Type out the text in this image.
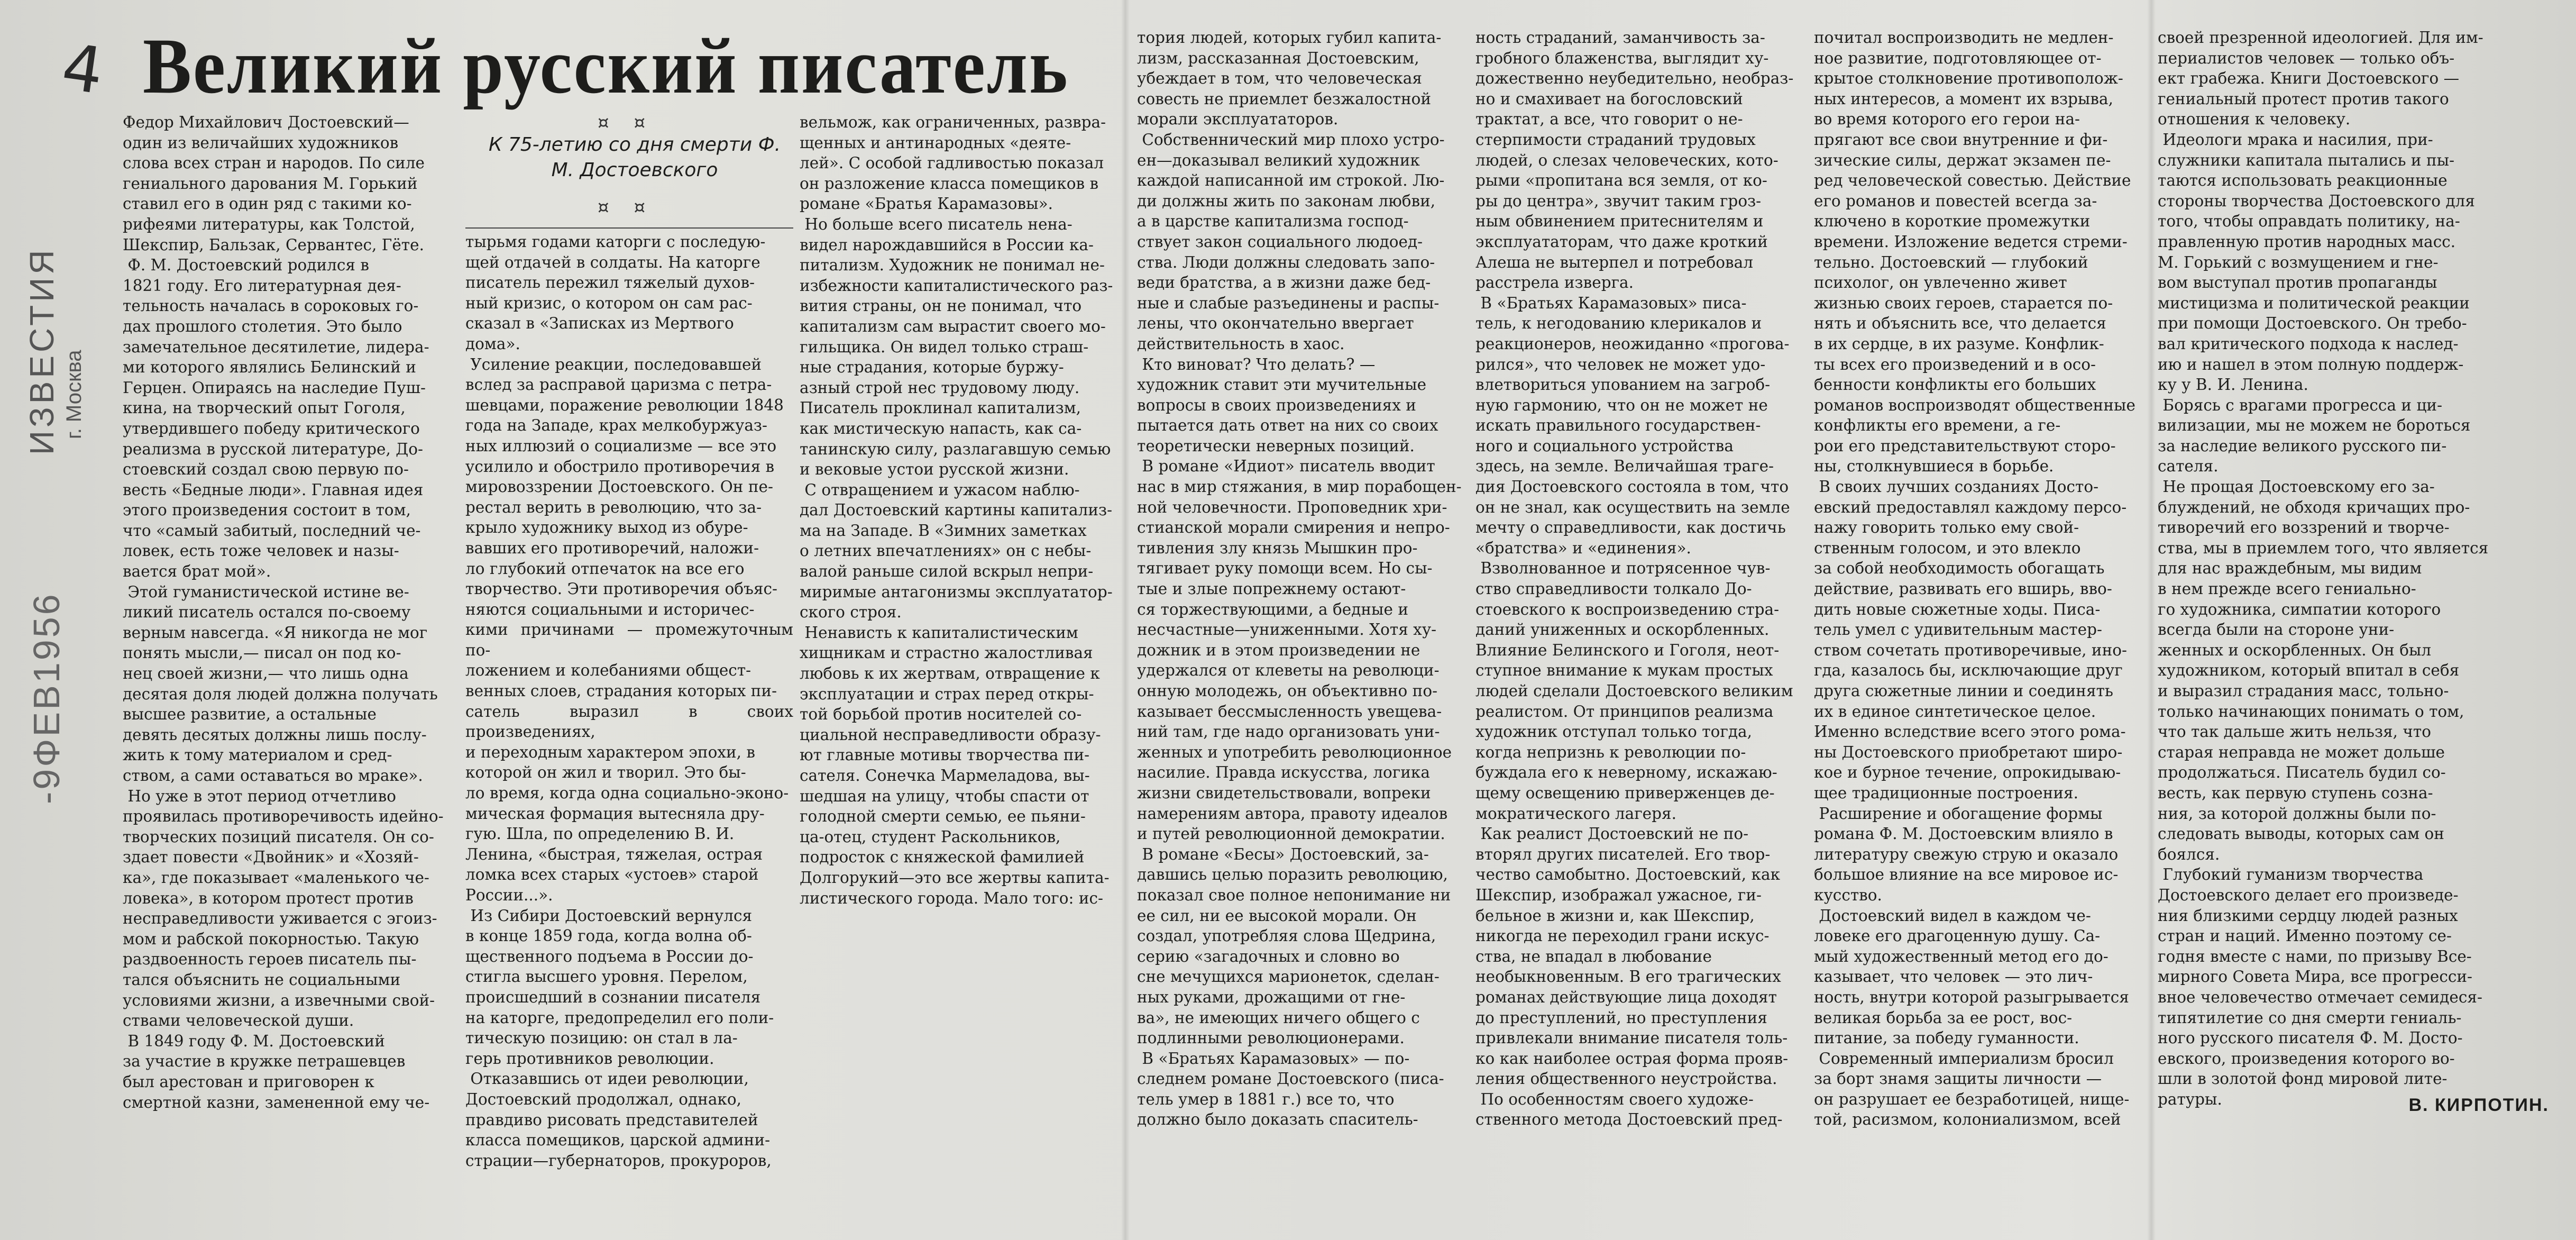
4
ИЗВЕСТИЯ г. Москва
-9ФЕВ1956
Великий русский писатель
¤ ¤
К 75-летию со дня смерти Ф. М. Достоевского
¤ ¤

Федор Михайлович Достоевский—
один из величайших художников
слова всех стран и народов. По силе
гениального дарования М. Горький
ставил его в один ряд с такими ко-
рифеями литературы, как Толстой,
Шекспир, Бальзак, Сервантес, Гёте.
Ф. М. Достоевский родился в
1821 году. Его литературная дея-
тельность началась в сороковых го-
дах прошлого столетия. Это было
замечательное десятилетие, лидера-
ми которого являлись Белинский и
Герцен. Опираясь на наследие Пуш-
кина, на творческий опыт Гоголя,
утвердившего победу критического
реализма в русской литературе, До-
стоевский создал свою первую по-
весть «Бедные люди». Главная идея
этого произведения состоит в том,
что «самый забитый, последний че-
ловек, есть тоже человек и назы-
вается брат мой».
Этой гуманистической истине ве-
ликий писатель остался по-своему
верным навсегда. «Я никогда не мог
понять мысли,— писал он под ко-
нец своей жизни,— что лишь одна
десятая доля людей должна получать
высшее развитие, а остальные
девять десятых должны лишь послу-
жить к тому материалом и сред-
ством, а сами оставаться во мраке».
Но уже в этот период отчетливо
проявилась противоречивость идейно-
творческих позиций писателя. Он со-
здает повести «Двойник» и «Хозяй-
ка», где показывает «маленького че-
ловека», в котором протест против
несправедливости уживается с эгоиз-
мом и рабской покорностью. Такую
раздвоенность героев писатель пы-
тался объяснить не социальными
условиями жизни, а извечными свой-
ствами человеческой души.
В 1849 году Ф. М. Достоевский
за участие в кружке петрашевцев
был арестован и приговорен к
смертной казни, замененной ему че-

тырьмя годами каторги с последую-
щей отдачей в солдаты. На каторге
писатель пережил тяжелый духов-
ный кризис, о котором он сам рас-
сказал в «Записках из Мертвого
дома».
Усиление реакции, последовавшей
вслед за расправой царизма с петра-
шевцами, поражение революции 1848
года на Западе, крах мелкобуржуаз-
ных иллюзий о социализме — все это
усилило и обострило противоречия в
мировоззрении Достоевского. Он пе-
рестал верить в революцию, что за-
крыло художнику выход из обуре-
вавших его противоречий, наложи-
ло глубокий отпечаток на все его
творчество. Эти противоречия объяс-
няются социальными и историчес-
кими причинами — промежуточным по-
ложением и колебаниями общест-
венных слоев, страдания которых пи-
сатель выразил в своих произведениях,
и переходным характером эпохи, в
которой он жил и творил. Это бы-
ло время, когда одна социально-эконо-
мическая формация вытесняла дру-
гую. Шла, по определению В. И.
Ленина, «быстрая, тяжелая, острая
ломка всех старых «устоев» старой
России...».
Из Сибири Достоевский вернулся
в конце 1859 года, когда волна об-
щественного подъема в России до-
стигла высшего уровня. Перелом,
происшедший в сознании писателя
на каторге, предопределил его поли-
тическую позицию: он стал в ла-
герь противников революции.
Отказавшись от идеи революции,
Достоевский продолжал, однако,
правдиво рисовать представителей
класса помещиков, царской админи-
страции—губернаторов, прокуроров,

вельмож, как ограниченных, развра-
щенных и антинародных «деяте-
лей». С особой гадливостью показал
он разложение класса помещиков в
романе «Братья Карамазовы».
Но больше всего писатель нена-
видел нарождавшийся в России ка-
питализм. Художник не понимал не-
избежности капиталистического раз-
вития страны, он не понимал, что
капитализм сам вырастит своего мо-
гильщика. Он видел только страш-
ные страдания, которые буржу-
азный строй нес трудовому люду.
Писатель проклинал капитализм,
как мистическую напасть, как са-
танинскую силу, разлагавшую семью
и вековые устои русской жизни.
С отвращением и ужасом наблю-
дал Достоевский картины капитализ-
ма на Западе. В «Зимних заметках
о летних впечатлениях» он с небы-
валой раньше силой вскрыл непри-
миримые антагонизмы эксплуататор-
ского строя.
Ненависть к капиталистическим
хищникам и страстно жалостливая
любовь к их жертвам, отвращение к
эксплуатации и страх перед откры-
той борьбой против носителей со-
циальной несправедливости образу-
ют главные мотивы творчества пи-
сателя. Сонечка Мармеладова, вы-
шедшая на улицу, чтобы спасти от
голодной смерти семью, ее пьяни-
ца-отец, студент Раскольников,
подросток с княжеской фамилией
Долгорукий—это все жертвы капита-
листического города. Мало того: ис-

тория людей, которых губил капита-
лизм, рассказанная Достоевским,
убеждает в том, что человеческая
совесть не приемлет безжалостной
морали эксплуататоров.
Собственнический мир плохо устро-
ен—доказывал великий художник
каждой написанной им строкой. Лю-
ди должны жить по законам любви,
а в царстве капитализма господ-
ствует закон социального людоед-
ства. Люди должны следовать запо-
веди братства, а в жизни даже бед-
ные и слабые разъединены и распы-
лены, что окончательно ввергает
действительность в хаос.
Кто виноват? Что делать? —
художник ставит эти мучительные
вопросы в своих произведениях и
пытается дать ответ на них со своих
теоретически неверных позиций.
В романе «Идиот» писатель вводит
нас в мир стяжания, в мир порабощен-
ной человечности. Проповедник хри-
стианской морали смирения и непро-
тивления злу князь Мышкин про-
тягивает руку помощи всем. Но сы-
тые и злые попрежнему остают-
ся торжествующими, а бедные и
несчастные—униженными. Хотя ху-
дожник и в этом произведении не
удержался от клеветы на революци-
онную молодежь, он объективно по-
казывает бессмысленность увещева-
ний там, где надо организовать уни-
женных и употребить революционное
насилие. Правда искусства, логика
жизни свидетельствовали, вопреки
намерениям автора, правоту идеалов
и путей революционной демократии.
В романе «Бесы» Достоевский, за-
давшись целью поразить революцию,
показал свое полное непонимание ни
ее сил, ни ее высокой морали. Он
создал, употребляя слова Щедрина,
серию «загадочных и словно во
сне мечущихся марионеток, сделан-
ных руками, дрожащими от гне-
ва», не имеющих ничего общего с
подлинными революционерами.
В «Братьях Карамазовых» — по-
следнем романе Достоевского (писа-
тель умер в 1881 г.) все то, что
должно было доказать спаситель-

ность страданий, заманчивость за-
гробного блаженства, выглядит ху-
дожественно неубедительно, необраз-
но и смахивает на богословский
трактат, а все, что говорит о не-
стерпимости страданий трудовых
людей, о слезах человеческих, кото-
рыми «пропитана вся земля, от ко-
ры до центра», звучит таким гроз-
ным обвинением притеснителям и
эксплуататорам, что даже кроткий
Алеша не вытерпел и потребовал
расстрела изверга.
В «Братьях Карамазовых» писа-
тель, к негодованию клерикалов и
реакционеров, неожиданно «проговa-
рился», что человек не может удо-
влетвориться упованием на загроб-
ную гармонию, что он не может не
искать правильного государствен-
ного и социального устройства
здесь, на земле. Величайшая траге-
дия Достоевского состояла в том, что
он не знал, как осуществить на земле
мечту о справедливости, как достичь
«братства» и «единения».
Взволнованное и потрясенное чув-
ство справедливости толкало До-
стоевского к воспроизведению стра-
даний униженных и оскорбленных.
Влияние Белинского и Гоголя, неот-
ступное внимание к мукам простых
людей сделали Достоевского великим
реалистом. От принципов реализма
художник отступал только тогда,
когда непризнь к революции по-
буждала его к неверному, искажаю-
щему освещению приверженцев де-
мократического лагеря.
Как реалист Достоевский не по-
вторял других писателей. Его твор-
чество самобытно. Достоевский, как
Шекспир, изображал ужасное, ги-
бельное в жизни и, как Шекспир,
никогда не переходил грани искус-
ства, не впадал в любование
необыкновенным. В его трагических
романах действующие лица доходят
до преступлений, но преступления
привлекали внимание писателя толь-
ко как наиболее острая форма прояв-
ления общественного неустройства.
По особенностям своего художе-
ственного метода Достоевский пред-

почитал воспроизводить не медлен-
ное развитие, подготовляющее от-
крытое столкновение противополож-
ных интересов, а момент их взрыва,
во время которого его герои на-
прягают все свои внутренние и фи-
зические силы, держат экзамен пе-
ред человеческой совестью. Действие
его романов и повестей всегда за-
ключено в короткие промежутки
времени. Изложение ведется стреми-
тельно. Достоевский — глубокий
психолог, он увлеченно живет
жизнью своих героев, старается по-
нять и объяснить все, что делается
в их сердце, в их разуме. Конфлик-
ты всех его произведений и в осо-
бенности конфликты его больших
романов воспроизводят общественные
конфликты его времени, а ге-
рои его представительствуют сторо-
ны, столкнувшиеся в борьбе.
В своих лучших созданиях Досто-
евский предоставлял каждому персо-
нажу говорить только ему свой-
ственным голосом, и это влекло
за собой необходимость обогащать
действие, развивать его вширь, вво-
дить новые сюжетные ходы. Писа-
тель умел с удивительным мастер-
ством сочетать противоречивые, ино-
гда, казалось бы, исключающие друг
друга сюжетные линии и соединять
их в единое синтетическое целое.
Именно вследствие всего этого рома-
ны Достоевского приобретают широ-
кое и бурное течение, опрокидываю-
щее традиционные построения.
Расширение и обогащение формы
романа Ф. М. Достоевским влияло в
литературу свежую струю и оказало
большое влияние на все мировое ис-
кусство.
Достоевский видел в каждом че-
ловеке его драгоценную душу. Са-
мый художественный метод его до-
казывает, что человек — это лич-
ность, внутри которой разыгрывается
великая борьба за ее рост, вос-
питание, за победу гуманности.
Современный империализм бросил
за борт знамя защиты личности —
он разрушает ее безработицей, нище-
той, расизмом, колониализмом, всей

своей презренной идеологией. Для им-
периалистов человек — только объ-
ект грабежа. Книги Достоевского —
гениальный протест против такого
отношения к человеку.
Идеологи мрака и насилия, при-
служники капитала пытались и пы-
таются использовать реакционные
стороны творчества Достоевского для
того, чтобы оправдать политику, на-
правленную против народных масс.
М. Горький с возмущением и гне-
вом выступал против пропаганды
мистицизма и политической реакции
при помощи Достоевского. Он требо-
вал критического подхода к наслед-
ию и нашел в этом полную поддерж-
ку у В. И. Ленина.
Борясь с врагами прогресса и ци-
вилизации, мы не можем не бороться
за наследие великого русского пи-
сателя.
Не прощая Достоевскому его за-
блуждений, не обходя кричащих про-
тиворечий его воззрений и творче-
ства, мы в приемлем того, что является
для нас враждебным, мы видим
в нем прежде всего гениально-
го художника, симпатии которого
всегда были на стороне уни-
женных и оскорбленных. Он был
художником, который впитал в себя
и выразил страдания масс, тольно-
только начинающих понимать о том,
что так дальше жить нельзя, что
старая неправда не может дольше
продолжаться. Писатель будил со-
весть, как первую ступень созна-
ния, за которой должны были по-
следовать выводы, которых сам он
боялся.
Глубокий гуманизм творчества
Достоевского делает его произведе-
ния близкими сердцу людей разных
стран и наций. Именно поэтому се-
годня вместе с нами, по призыву Все-
мирного Совета Мира, все прогресси-
вное человечество отмечает семидеся-
типятилетие со дня смерти гениаль-
ного русского писателя Ф. М. Досто-
евского, произведения которого во-
шли в золотой фонд мировой лите-
ратуры.	В. КИРПОТИН.
